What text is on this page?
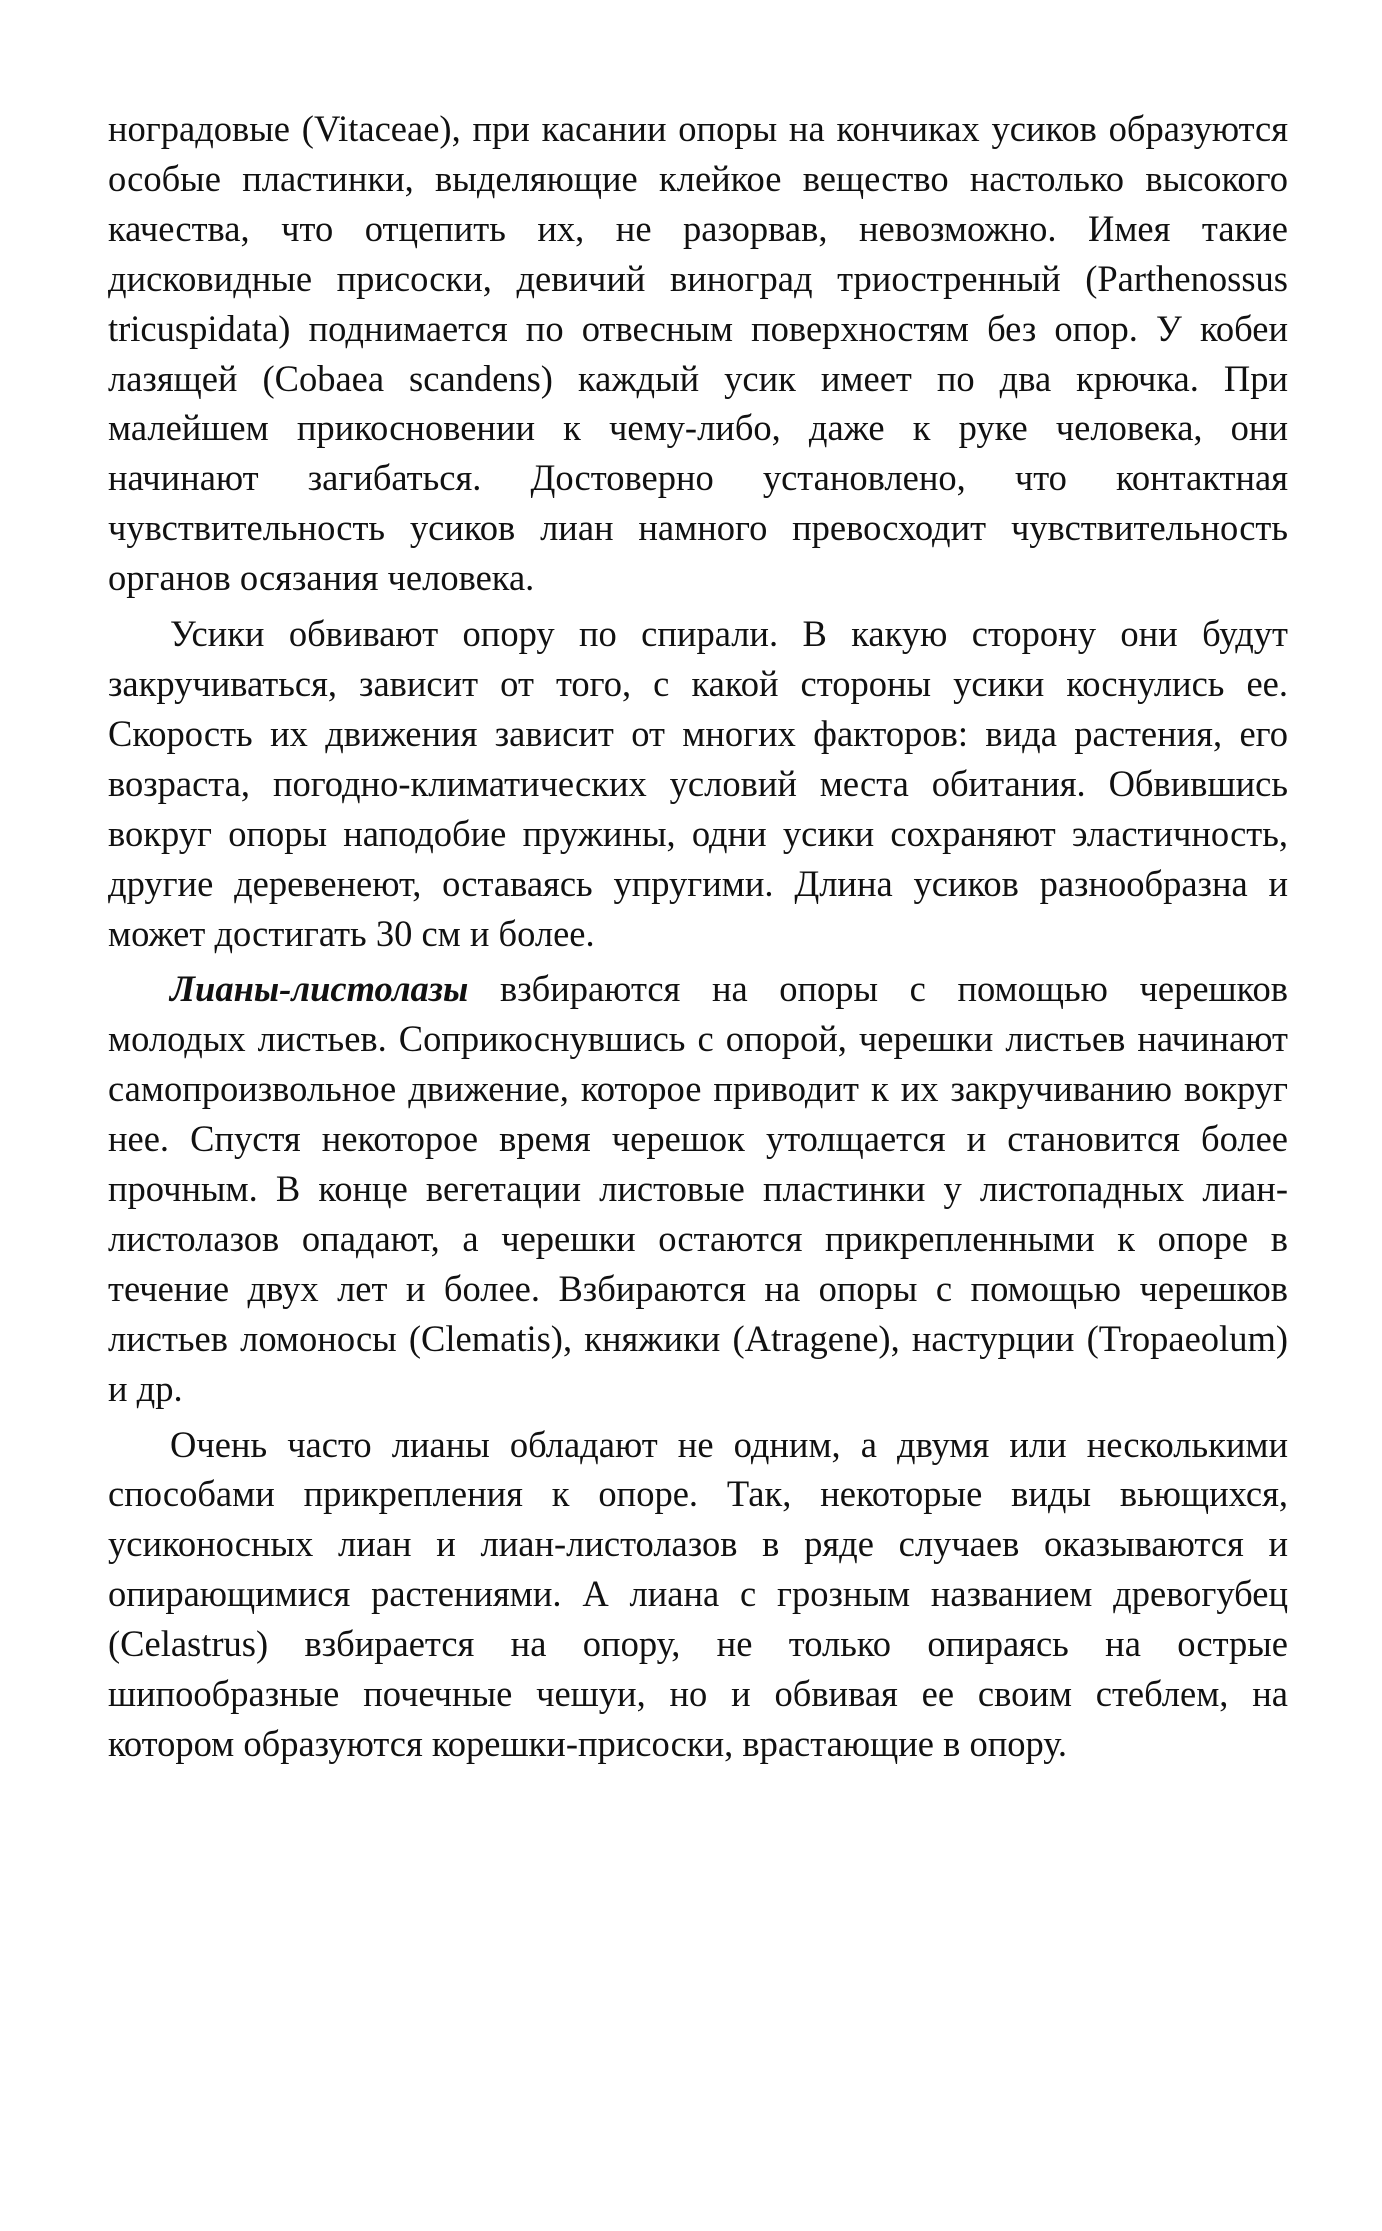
ноградовые (Vitaceae), при касании опоры на кончиках усиков образуются особые пластинки, выделяющие клейкое вещество настолько высокого качества, что отцепить их, не разорвав, невозможно. Имея такие дисковидные присоски, девичий виноград триостренный (Parthenossus tricuspidata) поднимается по отвесным поверхностям без опор. У кобеи лазящей (Cobaea scandens) каждый усик имеет по два крючка. При малейшем прикосновении к чему-либо, даже к руке человека, они начинают загибаться. Достоверно установлено, что контактная чувствительность усиков лиан намного превосходит чувствительность органов осязания человека.

Усики обвивают опору по спирали. В какую сторону они будут закручиваться, зависит от того, с какой стороны усики коснулись ее. Скорость их движения зависит от многих факторов: вида растения, его возраста, погодно-климатических условий места обитания. Обвившись вокруг опоры наподобие пружины, одни усики сохраняют эластичность, другие деревенеют, оставаясь упругими. Длина усиков разнообразна и может достигать 30 см и более.

Лианы-листолазы взбираются на опоры с помощью черешков молодых листьев. Соприкоснувшись с опорой, черешки листьев начинают самопроизвольное движение, которое приводит к их закручиванию вокруг нее. Спустя некоторое время черешок утолщается и становится более прочным. В конце вегетации листовые пластинки у листопадных лиан-листолазов опадают, а черешки остаются прикрепленными к опоре в течение двух лет и более. Взбираются на опоры с помощью черешков листьев ломоносы (Clematis), княжики (Atragene), настурции (Tropaeolum) и др.

Очень часто лианы обладают не одним, а двумя или несколькими способами прикрепления к опоре. Так, некоторые виды вьющихся, усиконосных лиан и лиан-листолазов в ряде случаев оказываются и опирающимися растениями. А лиана с грозным названием древогубец (Celastrus) взбирается на опору, не только опираясь на острые шипообразные почечные чешуи, но и обвивая ее своим стеблем, на котором образуются корешки-присоски, врастающие в опору.
